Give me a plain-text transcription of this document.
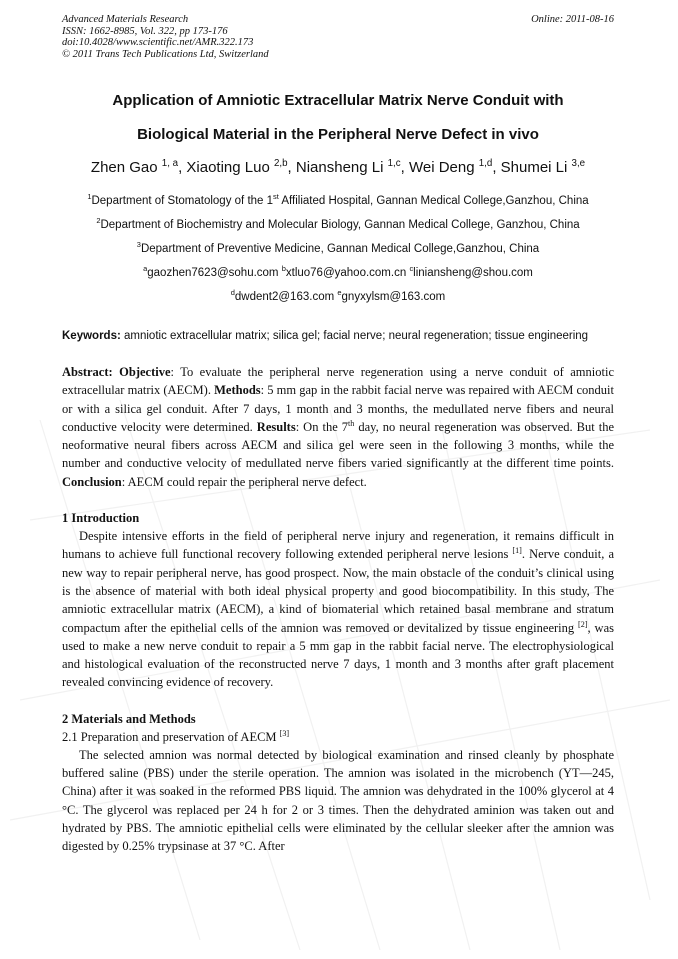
Advanced Materials Research
ISSN: 1662-8985, Vol. 322, pp 173-176
doi:10.4028/www.scientific.net/AMR.322.173
© 2011 Trans Tech Publications Ltd, Switzerland
Online: 2011-08-16
Application of Amniotic Extracellular Matrix Nerve Conduit with
Biological Material in the Peripheral Nerve Defect in vivo
Zhen Gao $^{1, a}$, Xiaoting Luo $^{2,b}$, Niansheng Li $^{1,c}$, Wei Deng $^{1,d}$, Shumei Li $^{3,e}$
$^1$Department of Stomatology of the 1st Affiliated Hospital, Gannan Medical College,Ganzhou, China
$^2$Department of Biochemistry and Molecular Biology, Gannan Medical College, Ganzhou, China
$^3$Department of Preventive Medicine, Gannan Medical College,Ganzhou, China
$^a$gaozhen7623@sohu.com $^b$xtluo76@yahoo.com.cn $^c$liniansheng@shou.com
$^d$dwdent2@163.com $^e$gnyxylsm@163.com
Keywords: amniotic extracellular matrix; silica gel; facial nerve; neural regeneration; tissue engineering
Abstract: Objective: To evaluate the peripheral nerve regeneration using a nerve conduit of amniotic extracellular matrix (AECM). Methods: 5 mm gap in the rabbit facial nerve was repaired with AECM conduit or with a silica gel conduit. After 7 days, 1 month and 3 months, the medullated nerve fibers and neural conductive velocity were determined. Results: On the 7th day, no neural regeneration was observed. But the neoformative neural fibers across AECM and silica gel were seen in the following 3 months, while the number and conductive velocity of medullated nerve fibers varied significantly at the different time points. Conclusion: AECM could repair the peripheral nerve defect.
1 Introduction
Despite intensive efforts in the field of peripheral nerve injury and regeneration, it remains difficult in humans to achieve full functional recovery following extended peripheral nerve lesions [1]. Nerve conduit, a new way to repair peripheral nerve, has good prospect. Now, the main obstacle of the conduit’s clinical using is the absence of material with both ideal physical property and good biocompatibility. In this study, The amniotic extracellular matrix (AECM), a kind of biomaterial which retained basal membrane and stratum compactum after the epithelial cells of the amnion was removed or devitalized by tissue engineering [2], was used to make a new nerve conduit to repair a 5 mm gap in the rabbit facial nerve. The electrophysiological and histological evaluation of the reconstructed nerve 7 days, 1 month and 3 months after graft placement revealed convincing evidence of recovery.
2 Materials and Methods
2.1 Preparation and preservation of AECM [3]
The selected amnion was normal detected by biological examination and rinsed cleanly by phosphate buffered saline (PBS) under the sterile operation. The amnion was isolated in the microbench (YT—245, China) after it was soaked in the reformed PBS liquid. The amnion was dehydrated in the 100% glycerol at 4 °C. The glycerol was replaced per 24 h for 2 or 3 times. Then the dehydrated aminion was taken out and hydrated by PBS. The amniotic epithelial cells were eliminated by the cellular sleeker after the amnion was digested by 0.25% trypsinase at 37 °C. After
